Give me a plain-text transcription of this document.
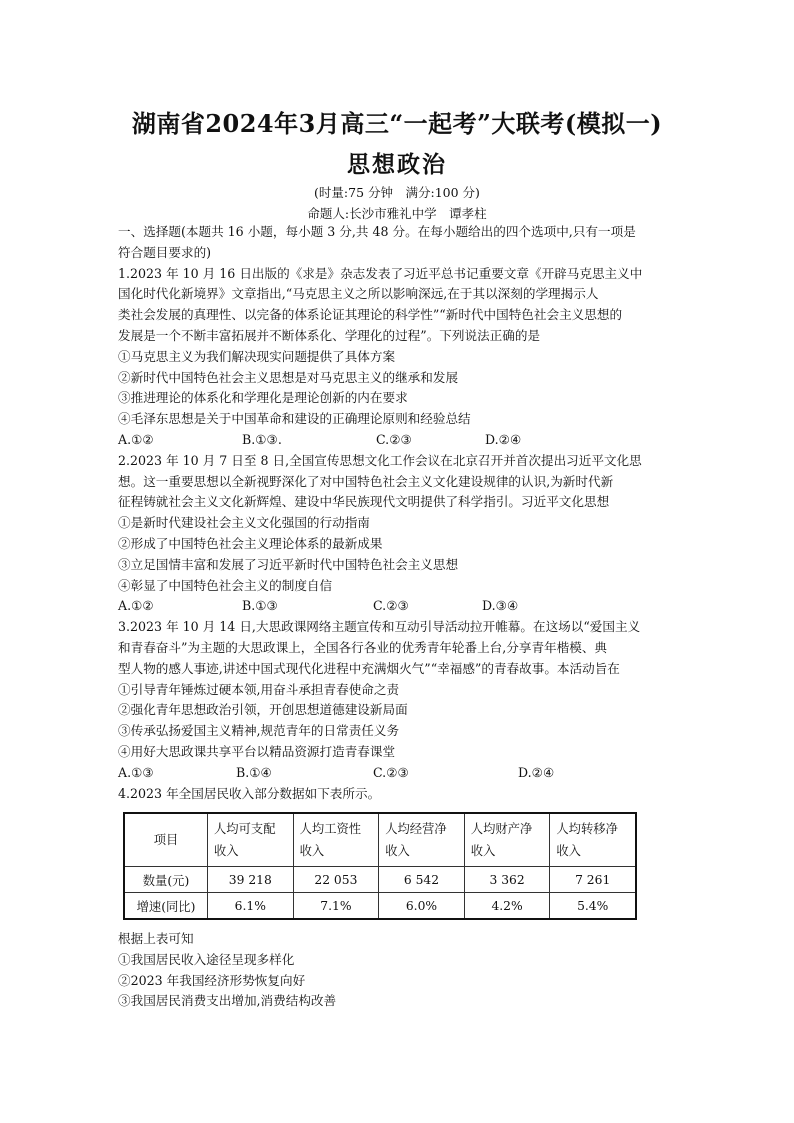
湖南省2024年3月高三“一起考”大联考(模拟一)
思想政治
(时量:75 分钟　满分:100 分)
命题人:长沙市雅礼中学　谭孝柱
一、选择题(本题共 16 小题，每小题 3 分,共 48 分。在每小题给出的四个选项中,只有一项是
符合题目要求的)
1.2023 年 10 月 16 日出版的《求是》杂志发表了习近平总书记重要文章《开辟马克思主义中
国化时代化新境界》文章指出,“马克思主义之所以影响深远,在于其以深刻的学理揭示人
类社会发展的真理性、以完备的体系论证其理论的科学性”“新时代中国特色社会主义思想的
发展是一个不断丰富拓展并不断体系化、学理化的过程”。下列说法正确的是
①马克思主义为我们解决现实问题提供了具体方案
②新时代中国特色社会主义思想是对马克思主义的继承和发展
③推进理论的体系化和学理化是理论创新的内在要求
④毛泽东思想是关于中国革命和建设的正确理论原则和经验总结
A.①②	B.①③.	C.②③	D.②④
2.2023 年 10 月 7 日至 8 日,全国宣传思想文化工作会议在北京召开并首次提出习近平文化思
想。这一重要思想以全新视野深化了对中国特色社会主义文化建设规律的认识,为新时代新
征程铸就社会主义文化新辉煌、建设中华民族现代文明提供了科学指引。习近平文化思想
①是新时代建设社会主义文化强国的行动指南
②形成了中国特色社会主义理论体系的最新成果
③立足国情丰富和发展了习近平新时代中国特色社会主义思想
④彰显了中国特色社会主义的制度自信
A.①②	B.①③	C.②③	D.③④
3.2023 年 10 月 14 日,大思政课网络主题宣传和互动引导活动拉开帷幕。在这场以“爱国主义
和青春奋斗”为主题的大思政课上，全国各行各业的优秀青年轮番上台,分享青年楷模、典
型人物的感人事迹,讲述中国式现代化进程中充满烟火气”“幸福感”的青春故事。本活动旨在
①引导青年锤炼过硬本领,用奋斗承担青春使命之责
②强化青年思想政治引领，开创思想道德建设新局面
③传承弘扬爱国主义精神,规范青年的日常责任义务
④用好大思政课共享平台以精品资源打造青春课堂
A.①③	B.①④	C.②③	D.②④
4.2023 年全国居民收入部分数据如下表所示。
项目	人均可支配收入	人均工资性收入	人均经营净收入	人均财产净收入	人均转移净收入
数量(元)	39 218	22 053	6 542	3 362	7 261
增速(同比)	6.1%	7.1%	6.0%	4.2%	5.4%
根据上表可知
①我国居民收入途径呈现多样化
②2023 年我国经济形势恢复向好
③我国居民消费支出增加,消费结构改善
